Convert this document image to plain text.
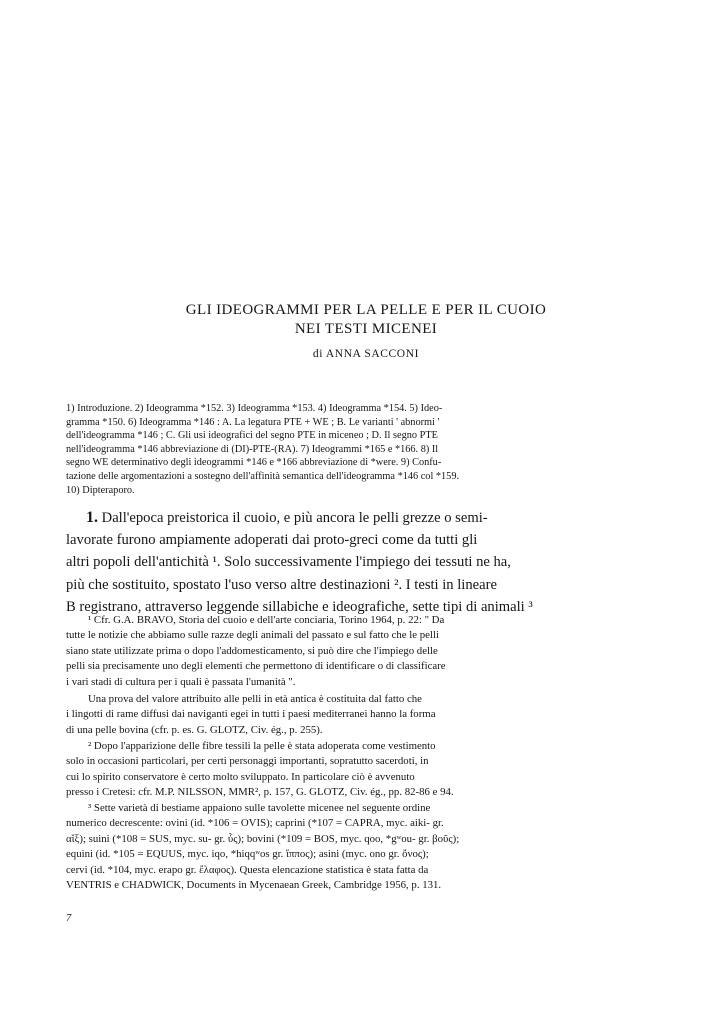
GLI IDEOGRAMMI PER LA PELLE E PER IL CUOIO
NEI TESTI MICENEI
di ANNA SACCONI
1) Introduzione. 2) Ideogramma *152. 3) Ideogramma *153. 4) Ideogramma *154. 5) Ideo-
gramma *150. 6) Ideogramma *146 : A. La legatura PTE + WE ; B. Le varianti ' abnormi '
dell'ideogramma *146 ; C. Gli usi ideografici del segno PTE in miceneo ; D. Il segno PTE
nell'ideogramma *146 abbreviazione di (DI)-PTE-(RA). 7) Ideogrammi *165 e *166. 8) Il
segno WE determinativo degli ideogrammi *146 e *166 abbreviazione di *were. 9) Confu-
tazione delle argomentazioni a sostegno dell'affinità semantica dell'ideogramma *146 col *159.
10) Dipteraporo.
1. Dall'epoca preistorica il cuoio, e più ancora le pelli grezze o semi-
lavorate furono ampiamente adoperati dai proto-greci come da tutti gli
altri popoli dell'antichità ¹. Solo successivamente l'impiego dei tessuti ne ha,
più che sostituito, spostato l'uso verso altre destinazioni ². I testi in lineare
B registrano, attraverso leggende sillabiche e ideografiche, sette tipi di animali ³
¹ Cfr. G.A. BRAVO, Storia del cuoio e dell'arte conciaria, Torino 1964, p. 22: " Da
tutte le notizie che abbiamo sulle razze degli animali del passato e sul fatto che le pelli
siano state utilizzate prima o dopo l'addomesticamento, si può dire che l'impiego delle
pelli sia precisamente uno degli elementi che permettono di identificare o di classificare
i vari stadi di cultura per i quali è passata l'umanità ".
Una prova del valore attribuito alle pelli in età antica è costituita dal fatto che
i lingotti di rame diffusi dai naviganti egei in tutti i paesi mediterranei hanno la forma
di una pelle bovina (cfr. p. es. G. GLOTZ, Civ. ég., p. 255).
² Dopo l'apparizione delle fibre tessili la pelle è stata adoperata come vestimento
solo in occasioni particolari, per certi personaggi importanti, sopratutto sacerdoti, in
cui lo spirito conservatore è certo molto sviluppato. In particolare ciò è avvenuto
presso i Cretesi: cfr. M.P. NILSSON, MMR², p. 157, G. GLOTZ, Civ. ég., pp. 82-86 e 94.
³ Sette varietà di bestiame appaiono sulle tavolette micenee nel seguente ordine
numerico decrescente: ovini (id. *106 = OVIS); caprini (*107 = CAPRA, myc. aiki- gr.
αἴξ); suini (*108 = SUS, myc. su- gr. ὗς); bovini (*109 = BOS, myc. qoo, *gʷou- gr. βοῦς);
equini (id. *105 = EQUUS, myc. iqo, *hiqqʷos gr. ἵππος); asini (myc. ono gr. ὄνος);
cervi (id. *104, myc. erapo gr. ἔλαφος). Questa elencazione statistica è stata fatta da
VENTRIS e CHADWICK, Documents in Mycenaean Greek, Cambridge 1956, p. 131.
7
